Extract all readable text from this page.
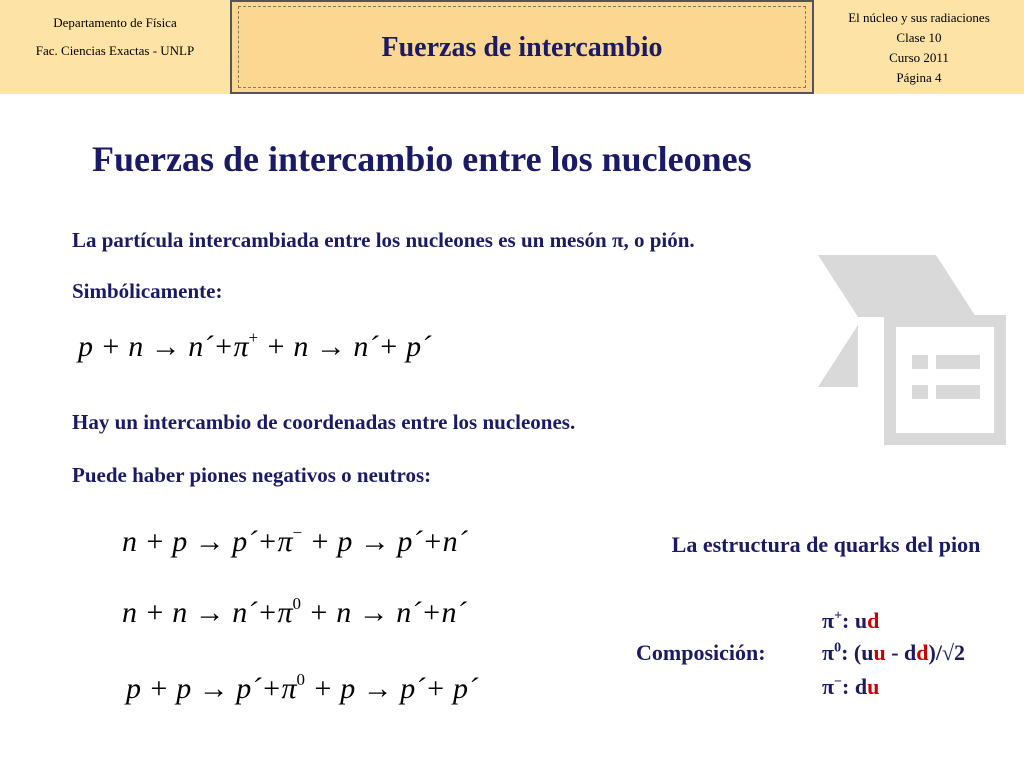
Departamento de Física
Fac. Ciencias Exactas - UNLP	Fuerzas de intercambio
El núcleo y sus radiaciones
Clase 10
Curso 2011
Página 4
Fuerzas de intercambio entre los nucleones
La partícula intercambiada entre los nucleones es un mesón π, o pión.
Simbólicamente:
p + n → n´+π+ + n → n´+ p´
Hay un intercambio de coordenadas entre los nucleones.
Puede haber piones negativos o neutros:
n + p → p´+π− + p → p´+n´
$n + n \to n´+\pi^0 + n$ → n´+n´
$p + p \to p´+\pi^0 + p$ → p´+ p´
La estructura de quarks del pion
Composición:
π+: ud
$\pi^0$: (uu - dd)/√2
π−: du
